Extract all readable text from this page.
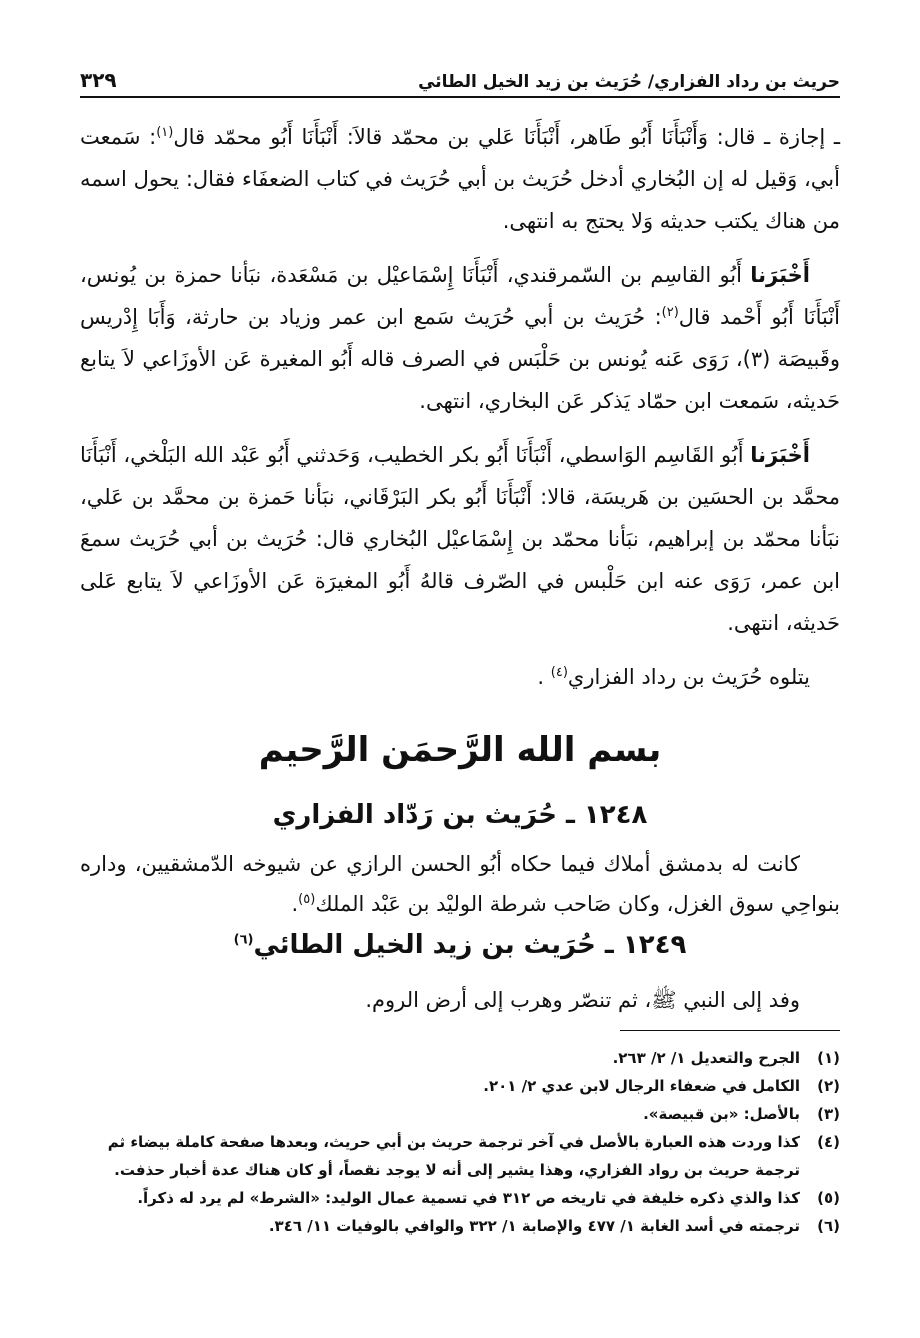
حريث بن رداد الفزاري/ حُرَيث بن زيد الخيل الطائي
٣٢٩

ـ إجازة ـ قال: وَأَنْبَأَنَا أَبُو طَاهر، أَنْبَأَنَا عَلي بن محمّد قالاَ: أَنْبَأَنَا أَبُو محمّد قال$^{(١)}$: سَمعت أبي، وَقيل له إن البُخاري أدخل حُرَيث بن أبي حُرَيث في كتاب الضعفَاء فقال: يحول اسمه من هناك يكتب حديثه وَلا يحتج به انتهى.

أَخْبَرَنا أَبُو القاسِم بن السّمرقندي، أَنْبَأَنَا إِسْمَاعيْل بن مَسْعَدة، نبَأنا حمزة بن يُونس، أَنْبَأَنَا أَبُو أَحْمد قال$^{(٢)}$: حُرَيث بن أبي حُرَيث سَمع ابن عمر وزياد بن حارثة، وَأَبَا إِدْريس وقَبيصَة (٣)، رَوَى عَنه يُونس بن حَلْبَس في الصرف قاله أَبُو المغيرة عَن الأوزَاعي لاَ يتابع حَديثه، سَمعت ابن حمّاد يَذكر عَن البخاري، انتهى.

أَخْبَرَنا أَبُو القَاسِم الوَاسطي، أَنْبَأَنَا أَبُو بكر الخطيب، وَحَدثني أَبُو عَبْد الله البَلْخي، أَنْبَأَنَا محمَّد بن الحسَين بن هَريسَة، قالا: أَنْبَأَنَا أَبُو بكر البَرْقَاني، نبَأنا حَمزة بن محمَّد بن عَلي، نبَأنا محمّد بن إبراهيم، نبَأنا محمّد بن إِسْمَاعيْل البُخاري قال: حُرَيث بن أبي حُرَيث سمعَ ابن عمر، رَوَى عنه ابن حَلْبس في الصّرف قالهُ أَبُو المغيرَة عَن الأوزَاعي لاَ يتابع عَلى حَديثه، انتهى.

يتلوه حُرَيث بن رداد الفزاري$^{(٤)}$ .

بسم الله الرَّحمَن الرَّحيم
١٢٤٨ ـ حُرَيث بن رَدّاد الفزاري
كانت له بدمشق أملاك فيما حكاه أبُو الحسن الرازي عن شيوخه الدّمشقيين، وداره بنواحِي سوق الغزل، وكان صَاحب شرطة الوليْد بن عَبْد الملك$^{(٥)}$.
١٢٤٩ ـ حُرَيث بن زيد الخيل الطائي$^{(٦)}$
وفد إلى النبي ﷺ، ثم تنصّر وهرب إلى أرض الروم.
(١)
الجرح والتعديل ١/ ٢/ ٢٦٣.
(٢)
الكامل في ضعفاء الرجال لابن عدي ٢/ ٢٠١.
(٣)
بالأصل: «بن قبيصة».
(٤)
كذا وردت هذه العبارة بالأصل في آخر ترجمة حريث بن أبي حريث، وبعدها صفحة كاملة بيضاء ثم ترجمة حريث بن رواد الفزاري، وهذا يشير إلى أنه لا يوجد نقصاً، أو كان هناك عدة أخبار حذفت.
(٥)
كذا والذي ذكره خليفة في تاريخه ص ٣١٢ في تسمية عمال الوليد: «الشرط» لم يرد له ذكراً.
(٦)
ترجمته في أسد الغابة ١/ ٤٧٧ والإصابة ١/ ٣٢٢ والوافي بالوفيات ١١/ ٣٤٦.
